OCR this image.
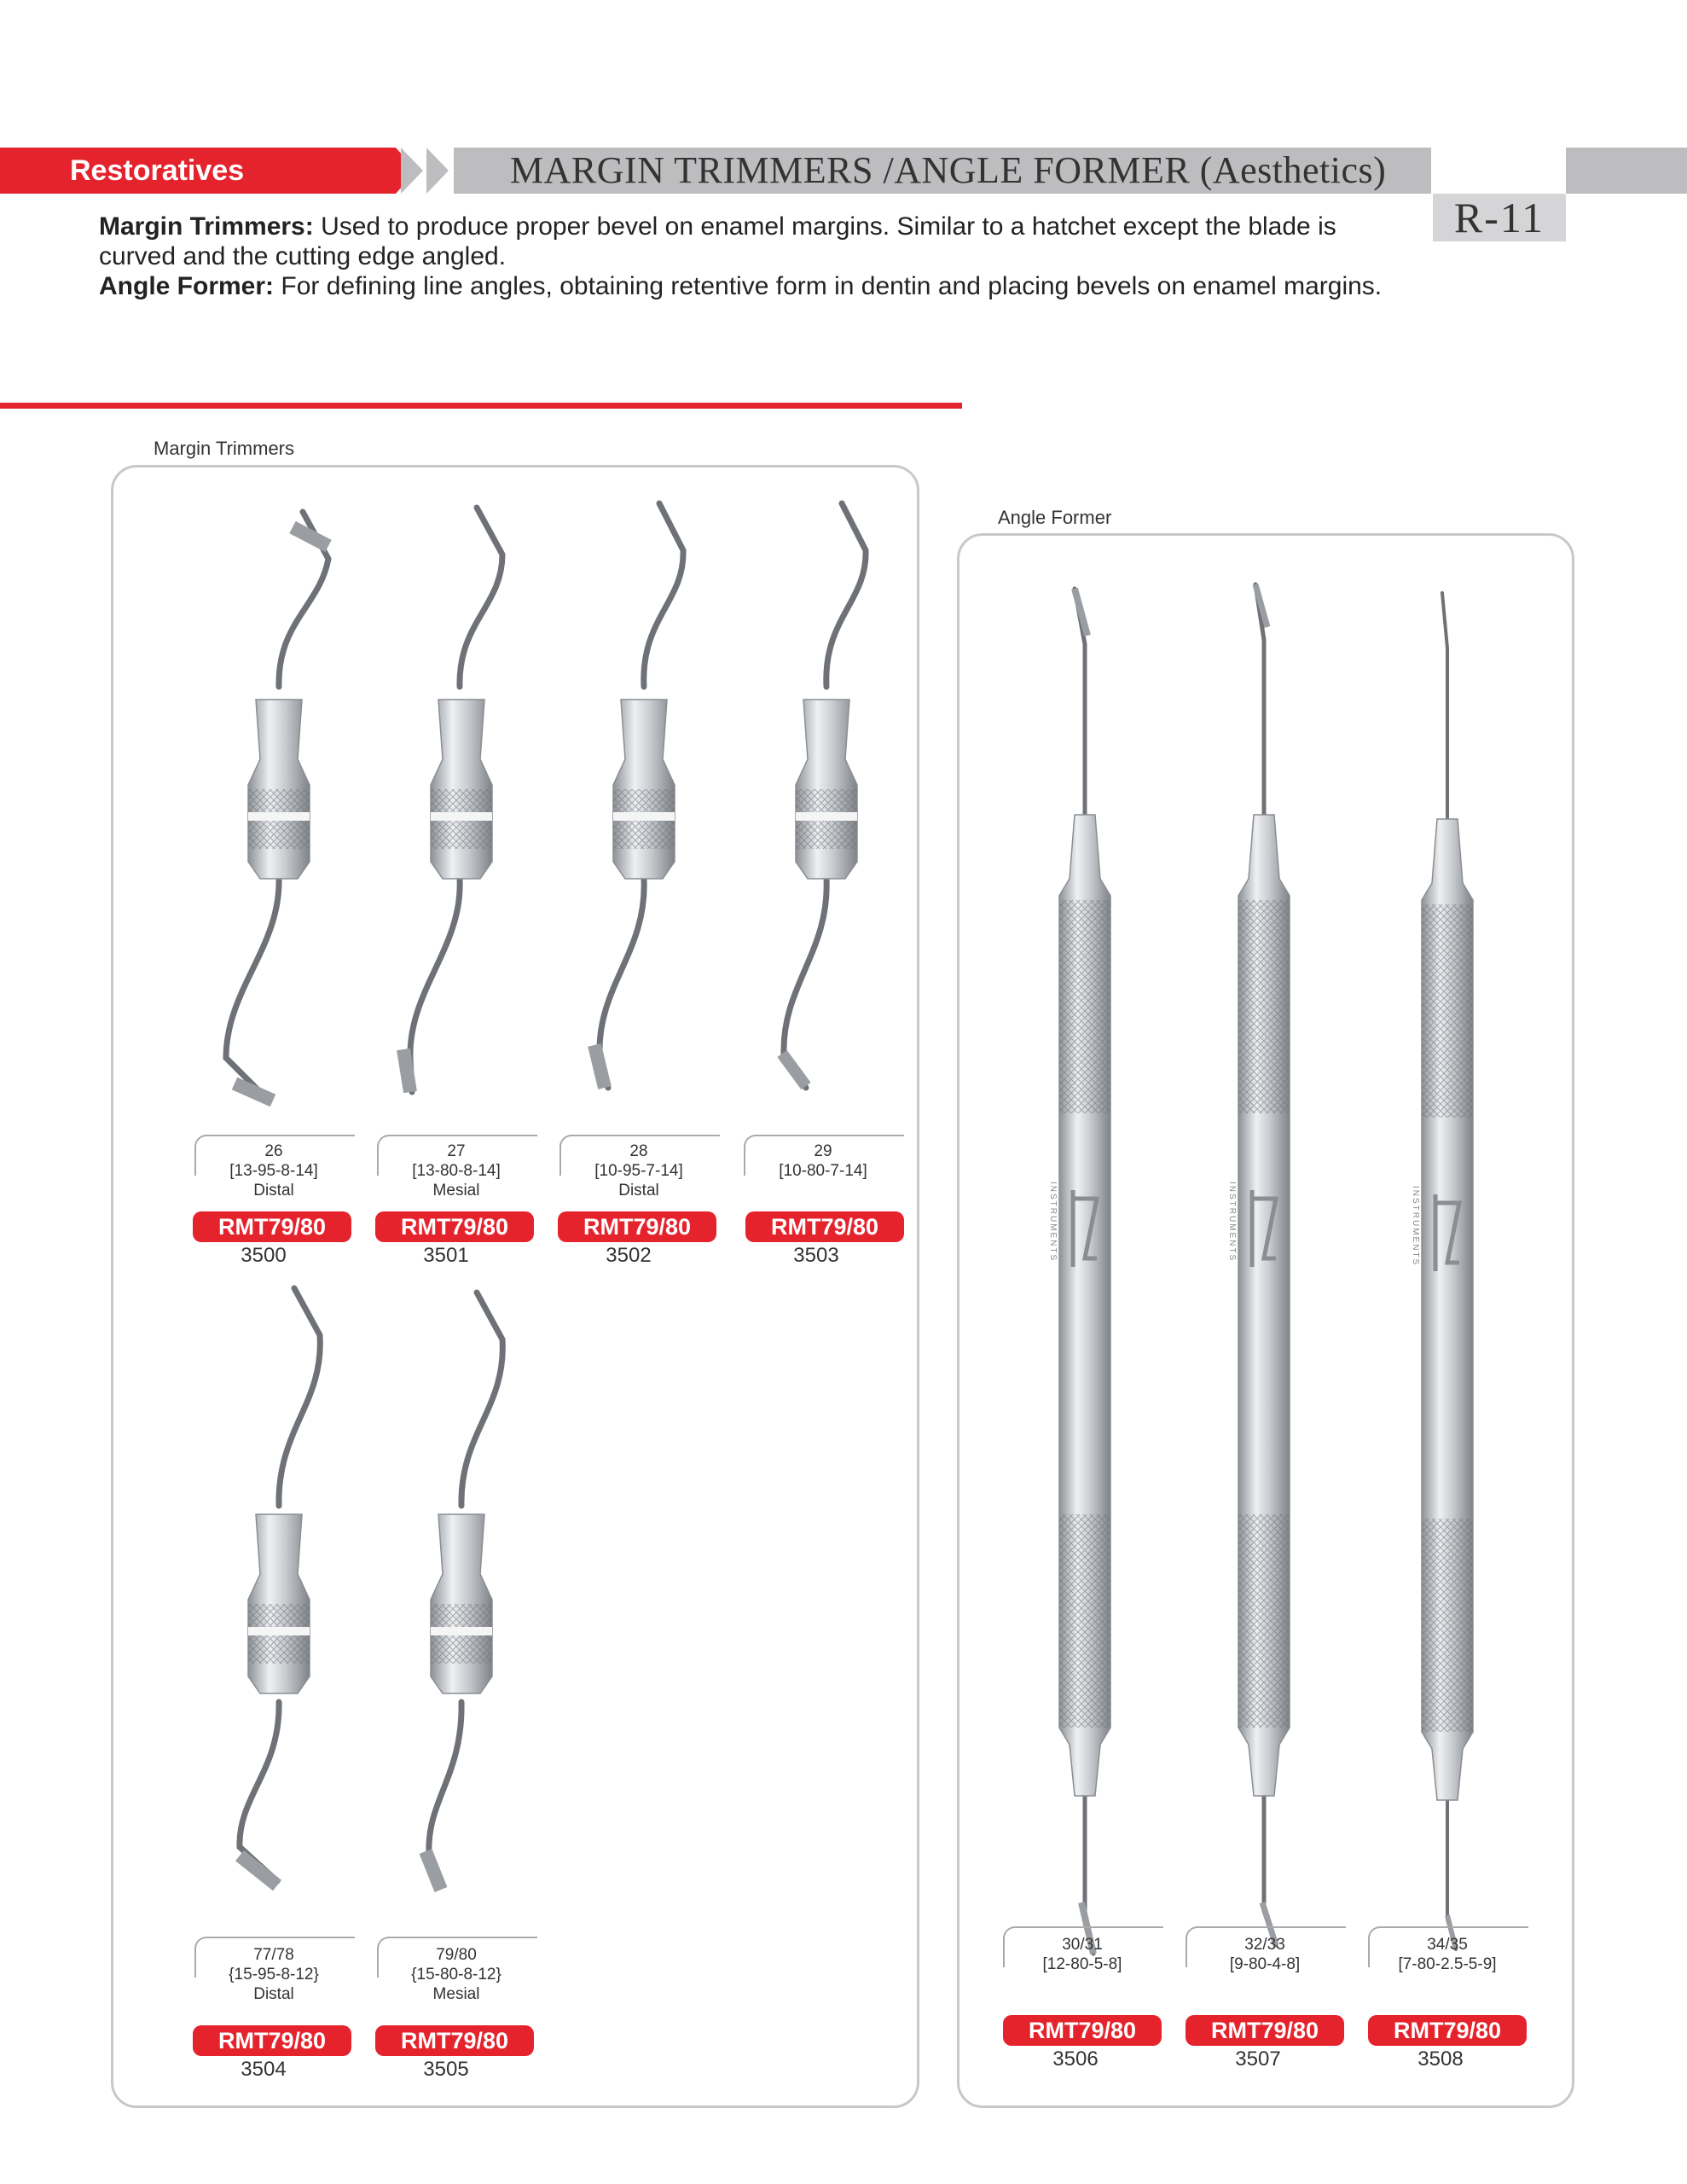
Restoratives	MARGIN TRIMMERS /ANGLE FORMER (Aesthetics)
R-11
Margin Trimmers: Used to produce proper bevel on enamel margins. Similar to a hatchet except the blade is curved and the cutting edge angled.
Angle Former: For defining line angles, obtaining retentive form in dentin and placing bevels on enamel margins.
Margin Trimmers
Angle Former
26
[13-95-8-14]
Distal
RMT79/80
3500
27
[13-80-8-14]
Mesial
RMT79/80
3501
28
[10-95-7-14]
Distal
RMT79/80
3502
29
[10-80-7-14]
RMT79/80
3503
77/78
{15-95-8-12}
Distal
RMT79/80
3504
79/80
{15-80-8-12}
Mesial
RMT79/80
3505
INSTRUMENTS	INSTRUMENTS	INSTRUMENTS
30/31
[12-80-5-8]
RMT79/80
3506
32/33
[9-80-4-8]
RMT79/80
3507
34/35
[7-80-2.5-5-9]
RMT79/80
3508
